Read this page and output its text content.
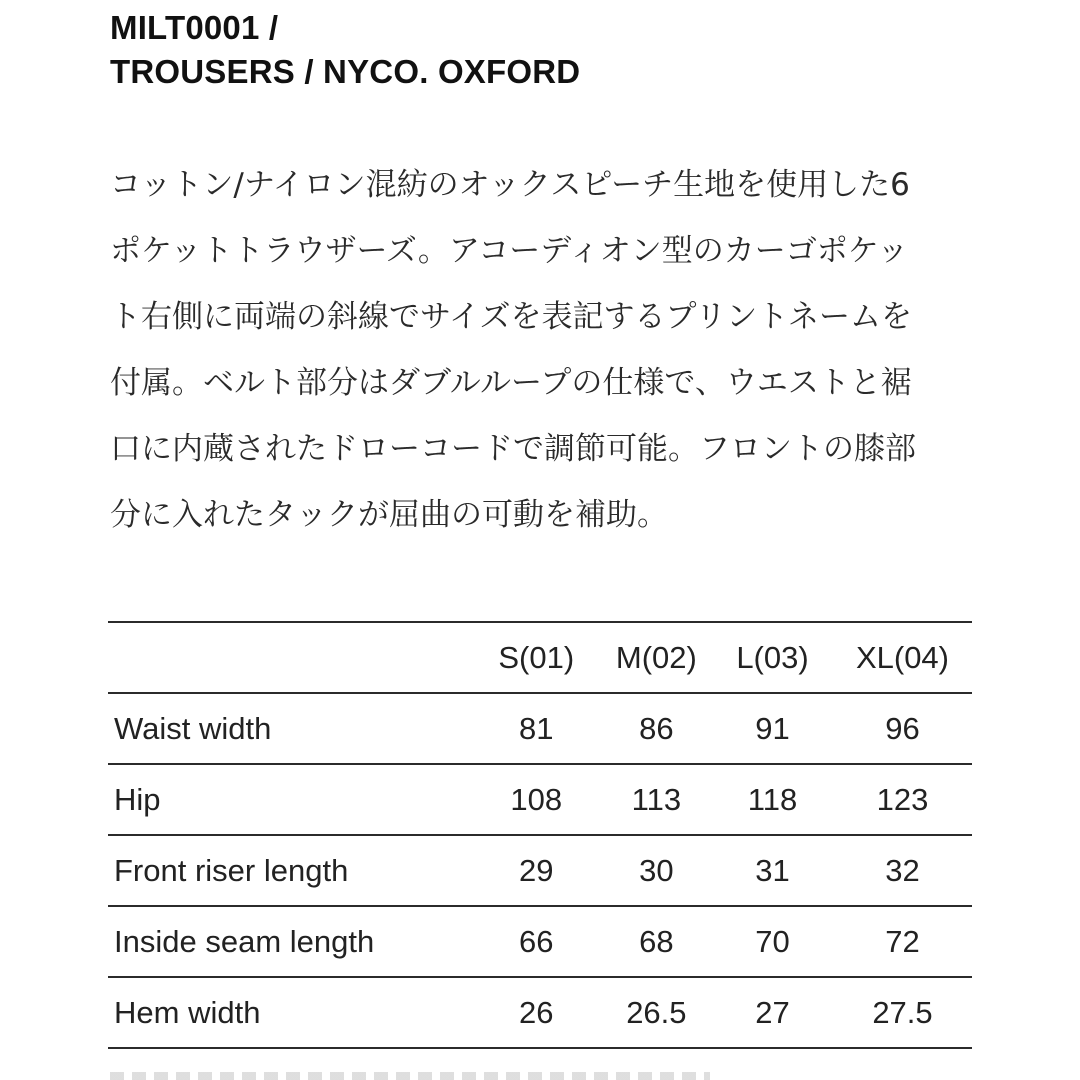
MILT0001 /
TROUSERS / NYCO. OXFORD
コットン/ナイロン混紡のオックスピーチ生地を使用した6
ポケットトラウザーズ。アコーディオン型のカーゴポケッ
ト右側に両端の斜線でサイズを表記するプリントネームを
付属。ベルト部分はダブルループの仕様で、ウエストと裾
口に内蔵されたドローコードで調節可能。フロントの膝部
分に入れたタックが屈曲の可動を補助。
	S(01)	M(02)	L(03)	XL(04)
Waist width	81	86	91	96
Hip	108	113	118	123
Front riser length	29	30	31	32
Inside seam length	66	68	70	72
Hem width	26	26.5	27	27.5
